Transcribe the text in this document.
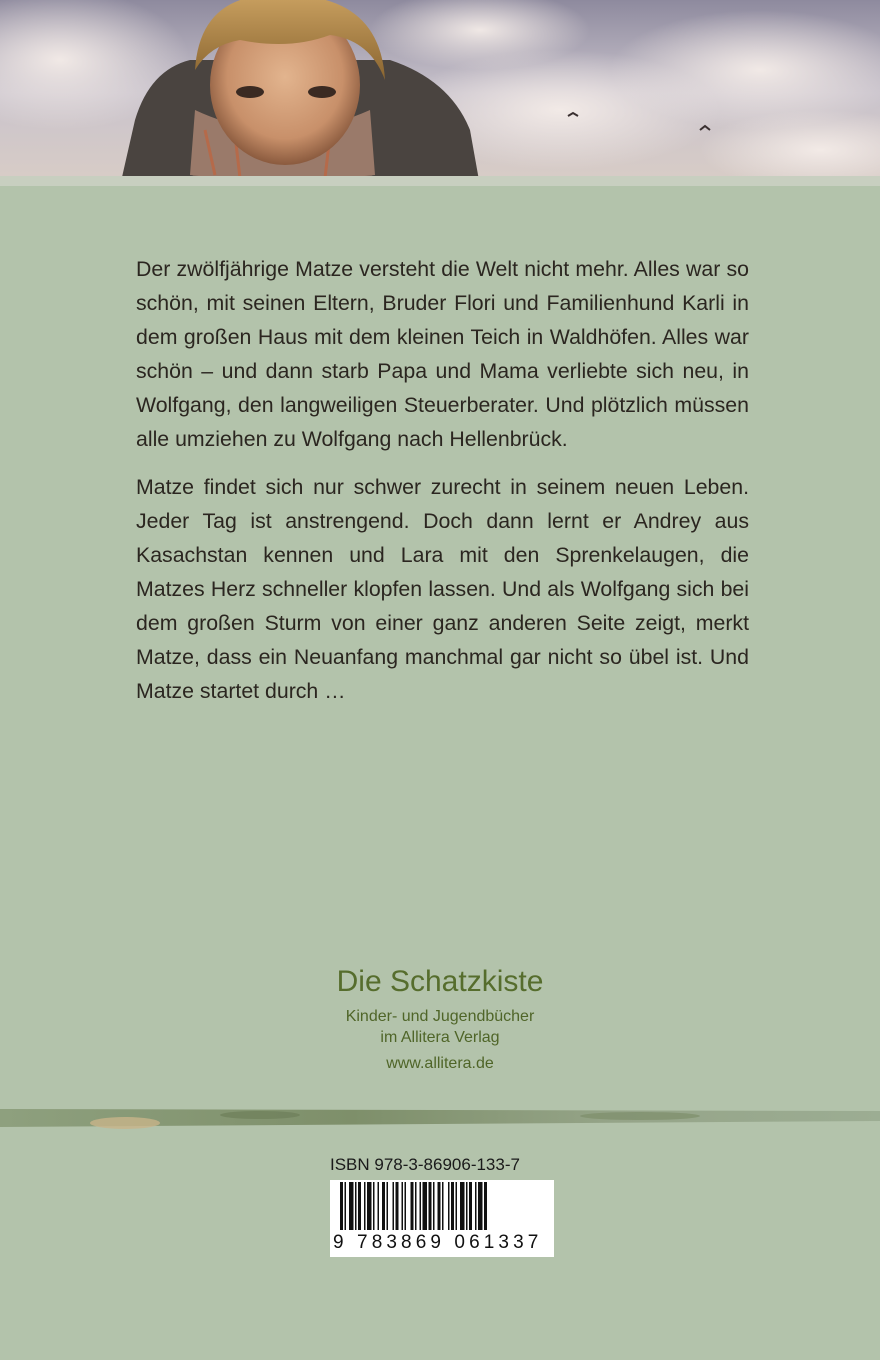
Der zwölfjährige Matze versteht die Welt nicht mehr. Alles war so schön, mit seinen Eltern, Bruder Flori und Familienhund Karli in dem großen Haus mit dem kleinen Teich in Waldhöfen. Alles war schön – und dann starb Papa und Mama verliebte sich neu, in Wolfgang, den langweiligen Steuerberater. Und plötzlich müssen alle umziehen zu Wolfgang nach Hellenbrück.

Matze findet sich nur schwer zurecht in seinem neuen Leben. Jeder Tag ist anstrengend. Doch dann lernt er Andrey aus Kasachstan kennen und Lara mit den Sprenkelaugen, die Matzes Herz schneller klopfen lassen. Und als Wolfgang sich bei dem großen Sturm von einer ganz anderen Seite zeigt, merkt Matze, dass ein Neuanfang manchmal gar nicht so übel ist. Und Matze startet durch …

Die Schatzkiste
Kinder- und Jugendbücher
im Allitera Verlag
www.allitera.de
ISBN 978-3-86906-133-7
9 783869 061337
